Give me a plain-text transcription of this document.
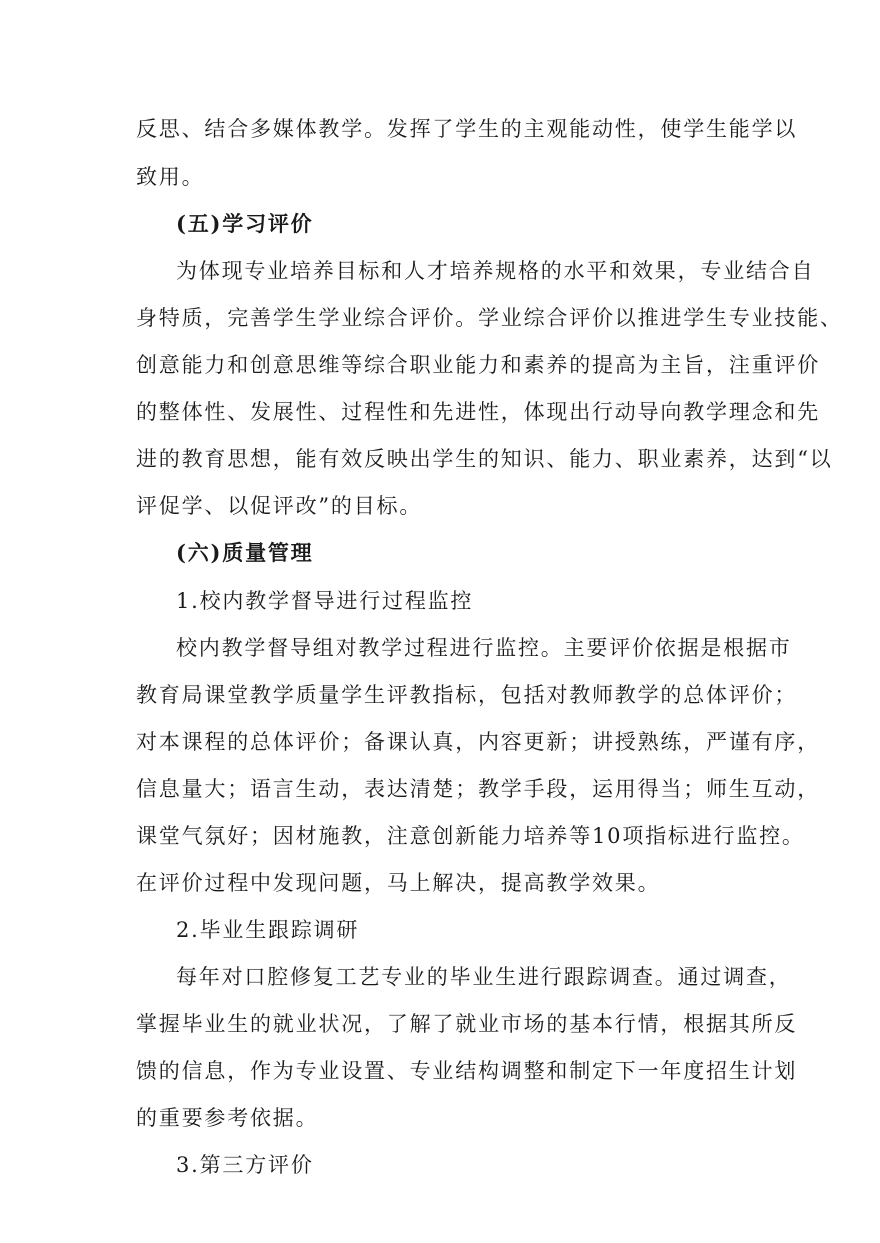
反思、结合多媒体教学。发挥了学生的主观能动性，使学生能学以
致用。
(五)学习评价
为体现专业培养目标和人才培养规格的水平和效果，专业结合自
身特质，完善学生学业综合评价。学业综合评价以推进学生专业技能、
创意能力和创意思维等综合职业能力和素养的提高为主旨，注重评价
的整体性、发展性、过程性和先进性，体现出行动导向教学理念和先
进的教育思想，能有效反映出学生的知识、能力、职业素养，达到“以
评促学、以促评改”的目标。
(六)质量管理
1.校内教学督导进行过程监控
校内教学督导组对教学过程进行监控。主要评价依据是根据市
教育局课堂教学质量学生评教指标，包括对教师教学的总体评价；
对本课程的总体评价；备课认真，内容更新；讲授熟练，严谨有序，
信息量大；语言生动，表达清楚；教学手段，运用得当；师生互动，
课堂气氛好；因材施教，注意创新能力培养等10项指标进行监控。
在评价过程中发现问题，马上解决，提高教学效果。
2.毕业生跟踪调研
每年对口腔修复工艺专业的毕业生进行跟踪调查。通过调查，
掌握毕业生的就业状况，了解了就业市场的基本行情，根据其所反
馈的信息，作为专业设置、专业结构调整和制定下一年度招生计划
的重要参考依据。
3.第三方评价
